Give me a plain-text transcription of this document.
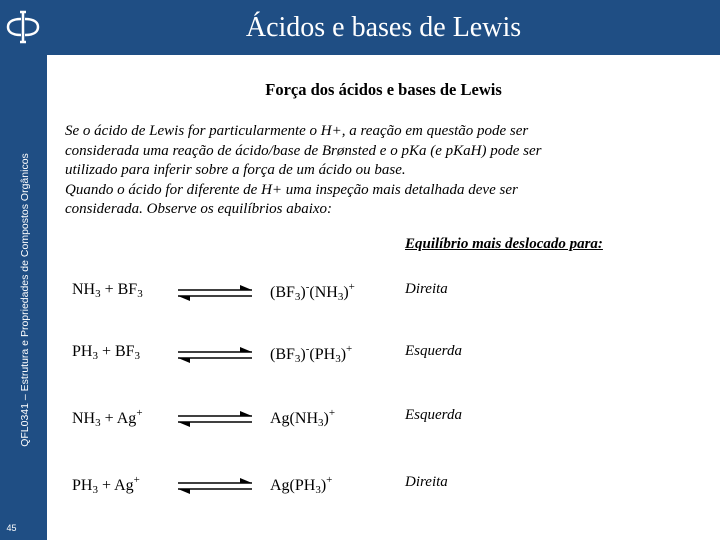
QFL0341 – Estrutura e Propriedades de Compostos Orgânicos
45
Ácidos e bases de Lewis
Força dos ácidos e bases de Lewis

Se o ácido de Lewis for particularmente o H+, a reação em questão pode ser

considerada uma reação de ácido/base de Brønsted e o pKa (e pKaH) pode ser

utilizado para inferir sobre a força de um ácido ou base.

Quando o ácido for diferente de H+ uma inspeção mais detalhada deve ser

considerada. Observe os equilíbrios abaixo:

Equilíbrio mais deslocado para:
$NH_3 + BF_3$	$(BF_3)^-(NH_3)^+$	Direita
$PH_3 + BF_3$	$(BF_3)^-(PH_3)^+$	Esquerda
$NH_3 + Ag^+$	$Ag(NH_3)^+$	Esquerda
$PH_3 + Ag^+$	$Ag(PH_3)^+$	Direita
